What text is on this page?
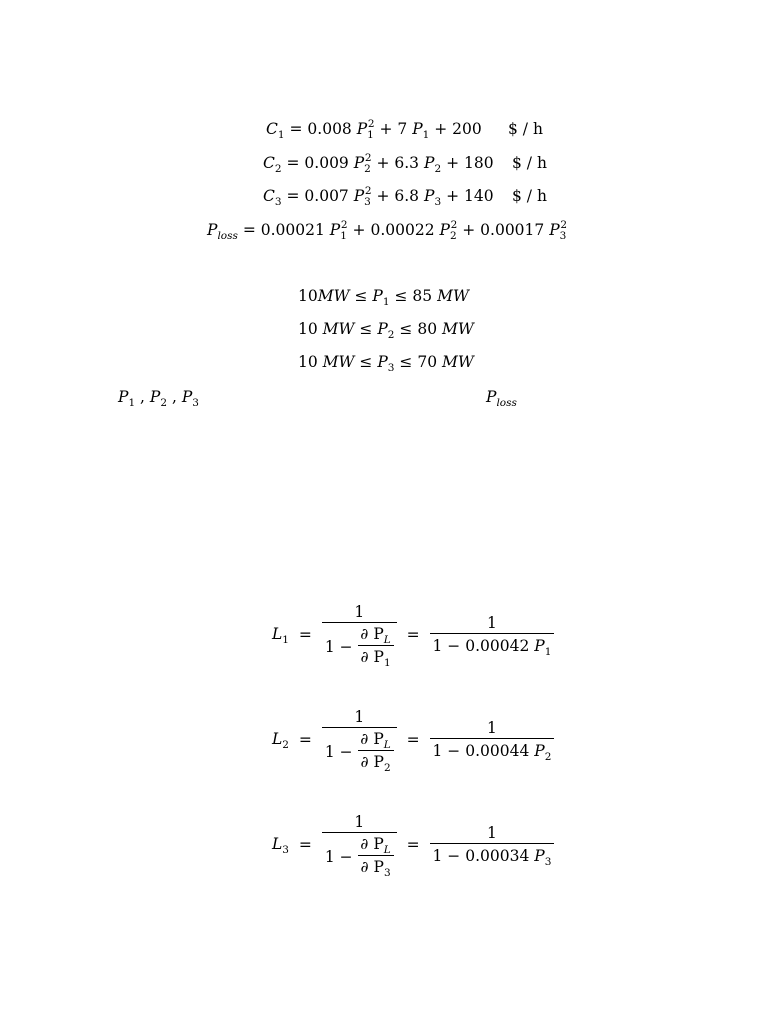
$C_1 = 0.008$ $P_1^2 + 7$ $P_1 + 200$ $ / h
$C_2 = 0.009$ $P_2^2 + 6.3$ $P_2 + 180$ $ / h
$C_3 = 0.007$ $P_3^2 + 6.8$ $P_3 + 140$ $ / h
$P_{loss} = 0.00021$ $P_1^2 + 0.00022$ $P_2^2 + 0.00017$ $P_3^2$
$10MW \le P_1 \le 85$ MW
10 MW ≤ $P_2 \le 80$ MW
10 MW ≤ $P_3 \le 70$ MW
$P_1$ , $P_2$ , $P_3$	$P_{loss}$
$L_1 = \frac{1}{1 - \frac{\partial P_L}{\partial P_1}} = \frac{1}{1 - 0.00042 P_1}$
$L_2 = \frac{1}{1 - \frac{\partial P_L}{\partial P_2}} = \frac{1}{1 - 0.00044 P_2}$
$L_3 = \frac{1}{1 - \frac{\partial P_L}{\partial P_3}} = \frac{1}{1 - 0.00034 P_3}$
